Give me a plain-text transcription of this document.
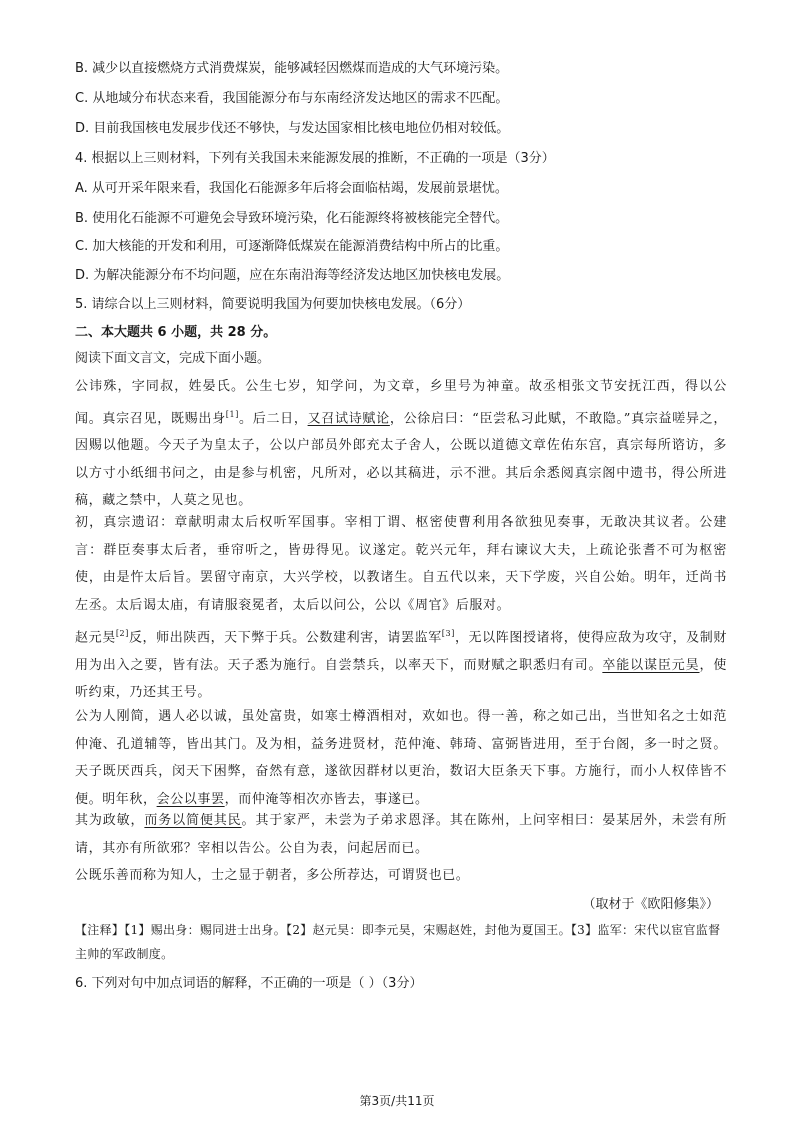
B. 减少以直接燃烧方式消费煤炭，能够减轻因燃煤而造成的大气环境污染。
C. 从地域分布状态来看，我国能源分布与东南经济发达地区的需求不匹配。
D. 目前我国核电发展步伐还不够快，与发达国家相比核电地位仍相对较低。
4. 根据以上三则材料，下列有关我国未来能源发展的推断，不正确的一项是（3分）
A. 从可开采年限来看，我国化石能源多年后将会面临枯竭，发展前景堪忧。
B. 使用化石能源不可避免会导致环境污染，化石能源终将被核能完全替代。
C. 加大核能的开发和利用，可逐渐降低煤炭在能源消费结构中所占的比重。
D. 为解决能源分布不均问题，应在东南沿海等经济发达地区加快核电发展。
5. 请综合以上三则材料，简要说明我国为何要加快核电发展。（6分）
二、本大题共 6 小题，共 28 分。
阅读下面文言文，完成下面小题。
公讳殊，字同叔，姓晏氏。公生七岁，知学问，为文章，乡里号为神童。故丞相张文节安抚江西，得以公闻。真宗召见，既赐出身[1]。后二日，又召试诗赋论，公徐启曰：“臣尝私习此赋，不敢隐。”真宗益嗟异之，因赐以他题。今天子为皇太子，公以户部员外郎充太子舍人，公既以道德文章佐佑东宫，真宗每所谘访，多以方寸小纸细书问之，由是参与机密，凡所对，必以其稿进，示不泄。其后余悉阅真宗阁中遗书，得公所进稿，藏之禁中，人莫之见也。
初，真宗遗诏：章献明肃太后权听军国事。宰相丁谓、枢密使曹利用各欲独见奏事，无敢决其议者。公建言：群臣奏事太后者，垂帘听之，皆毋得见。议遂定。乾兴元年，拜右谏议大夫，上疏论张耆不可为枢密使，由是忤太后旨。罢留守南京，大兴学校，以教诸生。自五代以来，天下学废，兴自公始。明年，迁尚书左丞。太后谒太庙，有请服衮冕者，太后以问公，公以《周官》后服对。
赵元昊[2]反，师出陕西，天下弊于兵。公数建利害，请罢监军[3]，无以阵图授诸将，使得应敌为攻守，及制财用为出入之要，皆有法。天子悉为施行。自尝禁兵，以率天下，而财赋之职悉归有司。卒能以谋臣元昊，使听约束，乃还其王号。
公为人刚简，遇人必以诚，虽处富贵，如寒士樽酒相对，欢如也。得一善，称之如己出，当世知名之士如范仲淹、孔道辅等，皆出其门。及为相，益务进贤材，范仲淹、韩琦、富弼皆进用，至于台阁，多一时之贤。天子既厌西兵，闵天下困弊，奋然有意，遂欲因群材以更治，数诏大臣条天下事。方施行，而小人权倖皆不便。明年秋，会公以事罢，而仲淹等相次亦皆去，事遂已。
其为政敏，而务以简便其民。其于家严，未尝为子弟求恩泽。其在陈州，上问宰相曰：晏某居外，未尝有所请，其亦有所欲邪？宰相以告公。公自为表，问起居而已。
公既乐善而称为知人，士之显于朝者，多公所荐达，可谓贤也已。
（取材于《欧阳修集》）
【注释】【1】赐出身：赐同进士出身。【2】赵元昊：即李元昊，宋赐赵姓，封他为夏国王。【3】监军：宋代以宦官监督主帅的军政制度。
6. 下列对句中加点词语的解释，不正确的一项是（ ）（3分）
第3页/共11页
